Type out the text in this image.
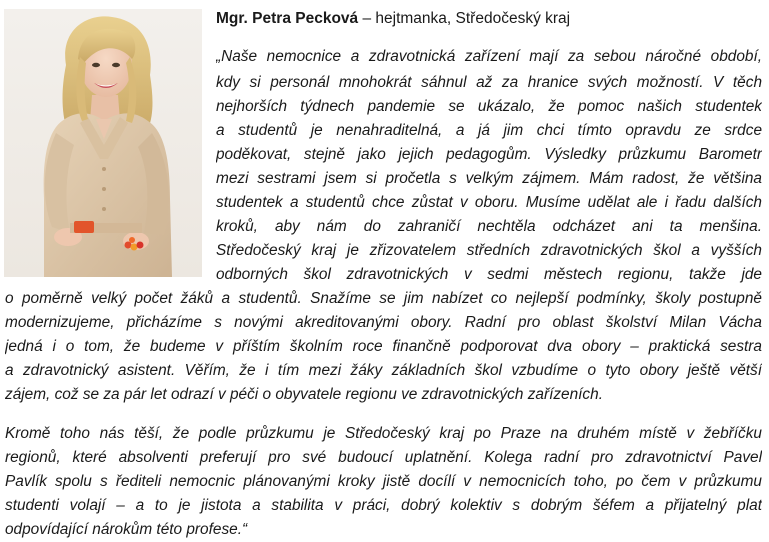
Mgr. Petra Pecková – hejtmanka, Středočeský kraj
„Naše nemocnice a zdravotnická zařízení mají za sebou náročné období,
kdy si personál mnohokrát sáhnul až za hranice svých možností. V těch
nejhorších týdnech pandemie se ukázalo, že pomoc našich studentek
a studentů je nenahraditelná, a já jim chci tímto opravdu ze srdce
poděkovat, stejně jako jejich pedagogům. Výsledky průzkumu Barometr
mezi sestrami jsem si pročetla s velkým zájmem. Mám radost, že většina
studentek a studentů chce zůstat v oboru. Musíme udělat ale i řadu dalších
kroků, aby nám do zahraničí nechtěla odcházet ani ta menšina.
Středočeský kraj je zřizovatelem středních zdravotnických škol a vyšších
odborných škol zdravotnických v sedmi městech regionu, takže jde
o poměrně velký počet žáků a studentů. Snažíme se jim nabízet co nejlepší podmínky, školy postupně
modernizujeme, přicházíme s novými akreditovanými obory. Radní pro oblast školství Milan Vácha
jedná i o tom, že budeme v příštím školním roce finančně podporovat dva obory – praktická sestra
a zdravotnický asistent. Věřím, že i tím mezi žáky základních škol vzbudíme o tyto obory ještě větší
zájem, což se za pár let odrazí v péči o obyvatele regionu ve zdravotnických zařízeních.
Kromě toho nás těší, že podle průzkumu je Středočeský kraj po Praze na druhém místě v žebříčku
regionů, které absolventi preferují pro své budoucí uplatnění. Kolega radní pro zdravotnictví Pavel
Pavlík spolu s řediteli nemocnic plánovanými kroky jistě docílí v nemocnicích toho, po čem v průzkumu
studenti volají – a to je jistota a stabilita v práci, dobrý kolektiv s dobrým šéfem a přijatelný plat
odpovídající nárokům této profese.“
